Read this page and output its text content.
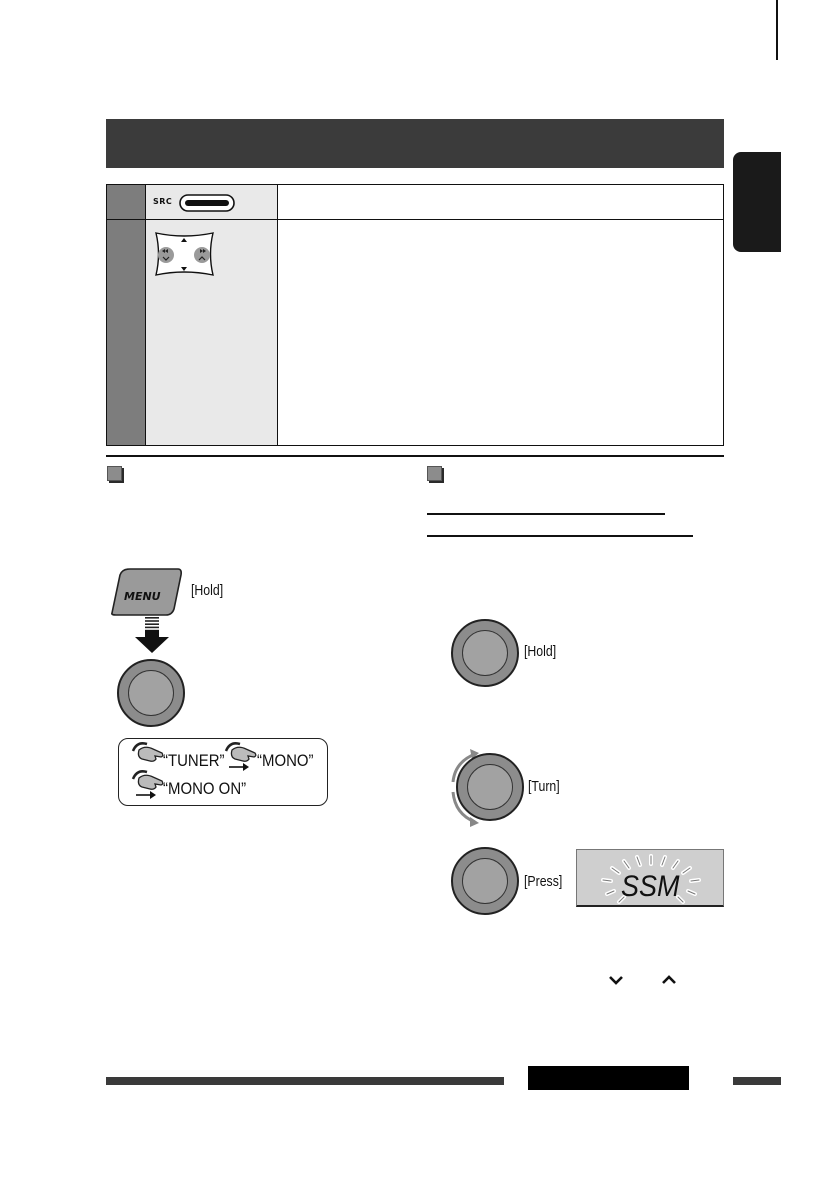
SRC
MENU [Hold]
“TUNER” “MONO”
“MONO ON”
[Hold]
[Turn]
[Press] SSM
